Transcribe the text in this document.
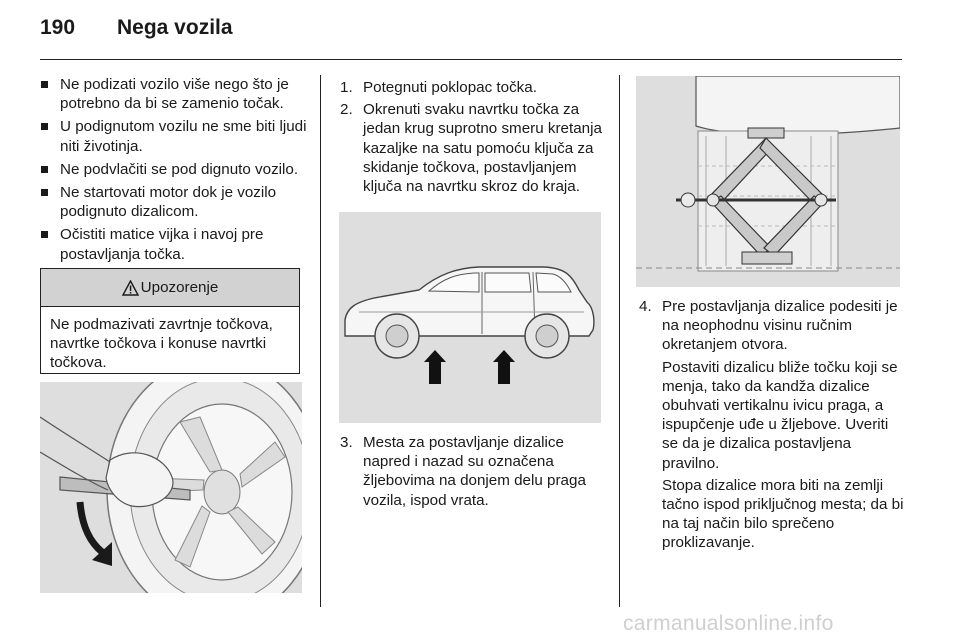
190 Nega vozila
Ne podizati vozilo više nego što je potrebno da bi se zamenio točak.
U podignutom vozilu ne sme biti ljudi niti životinja.
Ne podvlačiti se pod dignuto vozilo.
Ne startovati motor dok je vozilo podignuto dizalicom.
Očistiti matice vijka i navoj pre postavljanja točka.
Upozorenje
Ne podmazivati zavrtnje točkova, navrtke točkova i konuse navrtki točkova.
1. Potegnuti poklopac točka.
2. Okrenuti svaku navrtku točka za jedan krug suprotno smeru kretanja kazaljke na satu pomoću ključa za skidanje točkova, postavljanjem ključa na navrtku skroz do kraja.
3. Mesta za postavljanje dizalice napred i nazad su označena žljebovima na donjem delu praga vozila, ispod vrata.
4. Pre postavljanja dizalice podesiti je na neophodnu visinu ručnim okretanjem otvora.
Postaviti dizalicu bliže točku koji se menja, tako da kandža dizalice obuhvati vertikalnu ivicu praga, a ispupčenje uđe u žljebove. Uveriti se da je dizalica postavljena pravilno.
Stopa dizalice mora biti na zemlji tačno ispod priključnog mesta; da bi na taj način bilo sprečeno proklizavanje.
carmanualsonline.info
